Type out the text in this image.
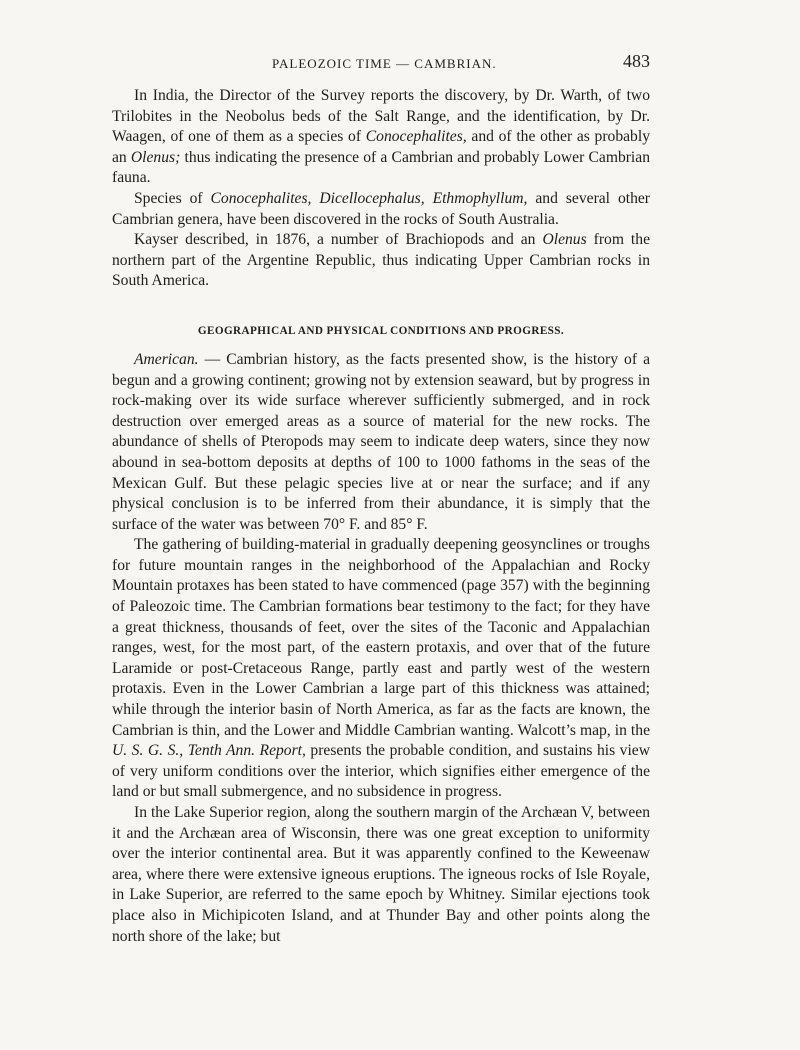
PALEOZOIC TIME — CAMBRIAN.	483

In India, the Director of the Survey reports the discovery, by Dr. Warth, of two Trilobites in the Neobolus beds of the Salt Range, and the identification, by Dr. Waagen, of one of them as a species of Conocephalites, and of the other as probably an Olenus; thus indicating the presence of a Cambrian and probably Lower Cambrian fauna.

Species of Conocephalites, Dicellocephalus, Ethmophyllum, and several other Cambrian genera, have been discovered in the rocks of South Australia.

Kayser described, in 1876, a number of Brachiopods and an Olenus from the northern part of the Argentine Republic, thus indicating Upper Cambrian rocks in South America.

GEOGRAPHICAL AND PHYSICAL CONDITIONS AND PROGRESS.

American. — Cambrian history, as the facts presented show, is the history of a begun and a growing continent; growing not by extension seaward, but by progress in rock-making over its wide surface wherever sufficiently submerged, and in rock destruction over emerged areas as a source of material for the new rocks. The abundance of shells of Pteropods may seem to indicate deep waters, since they now abound in sea-bottom deposits at depths of 100 to 1000 fathoms in the seas of the Mexican Gulf. But these pelagic species live at or near the surface; and if any physical conclusion is to be inferred from their abundance, it is simply that the surface of the water was between 70° F. and 85° F.

The gathering of building-material in gradually deepening geosynclines or troughs for future mountain ranges in the neighborhood of the Appalachian and Rocky Mountain protaxes has been stated to have commenced (page 357) with the beginning of Paleozoic time. The Cambrian formations bear testimony to the fact; for they have a great thickness, thousands of feet, over the sites of the Taconic and Appalachian ranges, west, for the most part, of the eastern protaxis, and over that of the future Laramide or post-Cretaceous Range, partly east and partly west of the western protaxis. Even in the Lower Cambrian a large part of this thickness was attained; while through the interior basin of North America, as far as the facts are known, the Cambrian is thin, and the Lower and Middle Cambrian wanting. Walcott’s map, in the U. S. G. S., Tenth Ann. Report, presents the probable condition, and sustains his view of very uniform conditions over the interior, which signifies either emergence of the land or but small submergence, and no subsidence in progress.

In the Lake Superior region, along the southern margin of the Archæan V, between it and the Archæan area of Wisconsin, there was one great exception to uniformity over the interior continental area. But it was apparently confined to the Keweenaw area, where there were extensive igneous eruptions. The igneous rocks of Isle Royale, in Lake Superior, are referred to the same epoch by Whitney. Similar ejections took place also in Michipicoten Island, and at Thunder Bay and other points along the north shore of the lake; but
